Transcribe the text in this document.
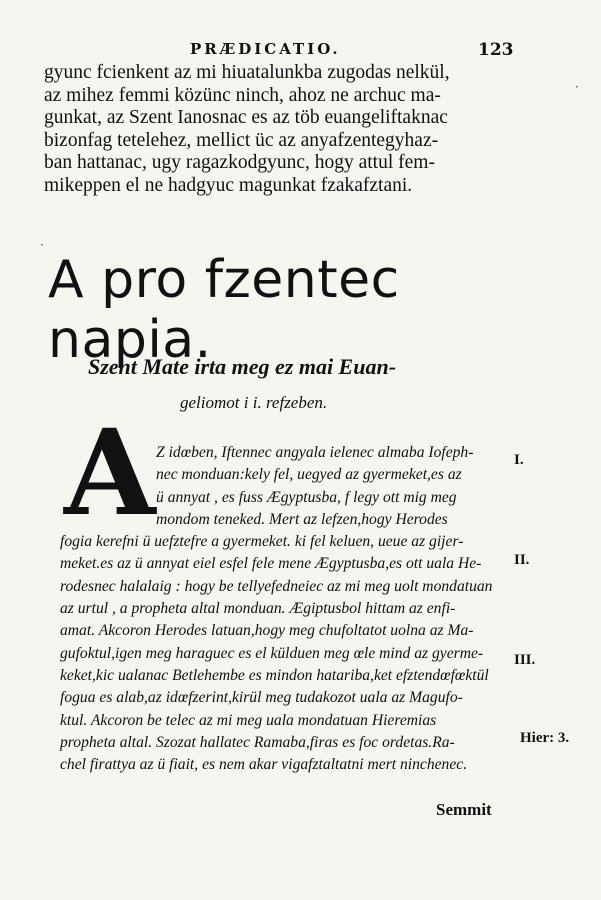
PRÆDICATIO.	123
gyunc fcienkent az mi hiuatalunkba zugodas nelkül,
az mihez femmi közünc ninch, ahoz ne archuc ma-
gunkat, az Szent Ianosnac es az töb euangeliftaknac
bizonfag tetelehez, mellict üc az anyafzentegyhaz-
ban hattanac, ugy ragazkodgyunc, hogy attul fem-
mikeppen el ne hadgyuc magunkat fzakafztani.
·
·
A pro fzentec napia.
Szent Mate irta meg ez mai Euan-
geliomot i i. refzeben.
A Z idœben, Iftennec angyala ielenec almaba Iofeph-
nec monduan:kely fel, uegyed az gyermeket,es az
ü annyat , es fuss Ægyptusba, f legy ott mig meg
mondom teneked. Mert az lefzen,hogy Herodes
fogia kerefni ü uefztefre a gyermeket. ki fel keluen, ueue az gijer-
meket.es az ü annyat eiel esfel fele mene Ægyptusba,es ott uala He-
rodesnec halalaig : hogy be tellyefedneiec az mi meg uolt mondatuan
az urtul , a propheta altal monduan. Ægiptusbol hittam az enfi-
amat. Akcoron Herodes latuan,hogy meg chufoltatot uolna az Ma-
gufoktul,igen meg haraguec es el külduen meg œle mind az gyerme-
keket,kic ualanac Betlehembe es mindon hatariba,ket efztendœfœktül
fogua es alab,az idœfzerint,kirül meg tudakozot uala az Magufo-
ktul. Akcoron be telec az mi meg uala mondatuan Hieremias
propheta altal. Szozat hallatec Ramaba,firas es foc ordetas.Ra-
chel firattya az ü fiait, es nem akar vigafztaltatni mert ninchenec.
I.
II.
III.
Hier: 3.
Semmit
